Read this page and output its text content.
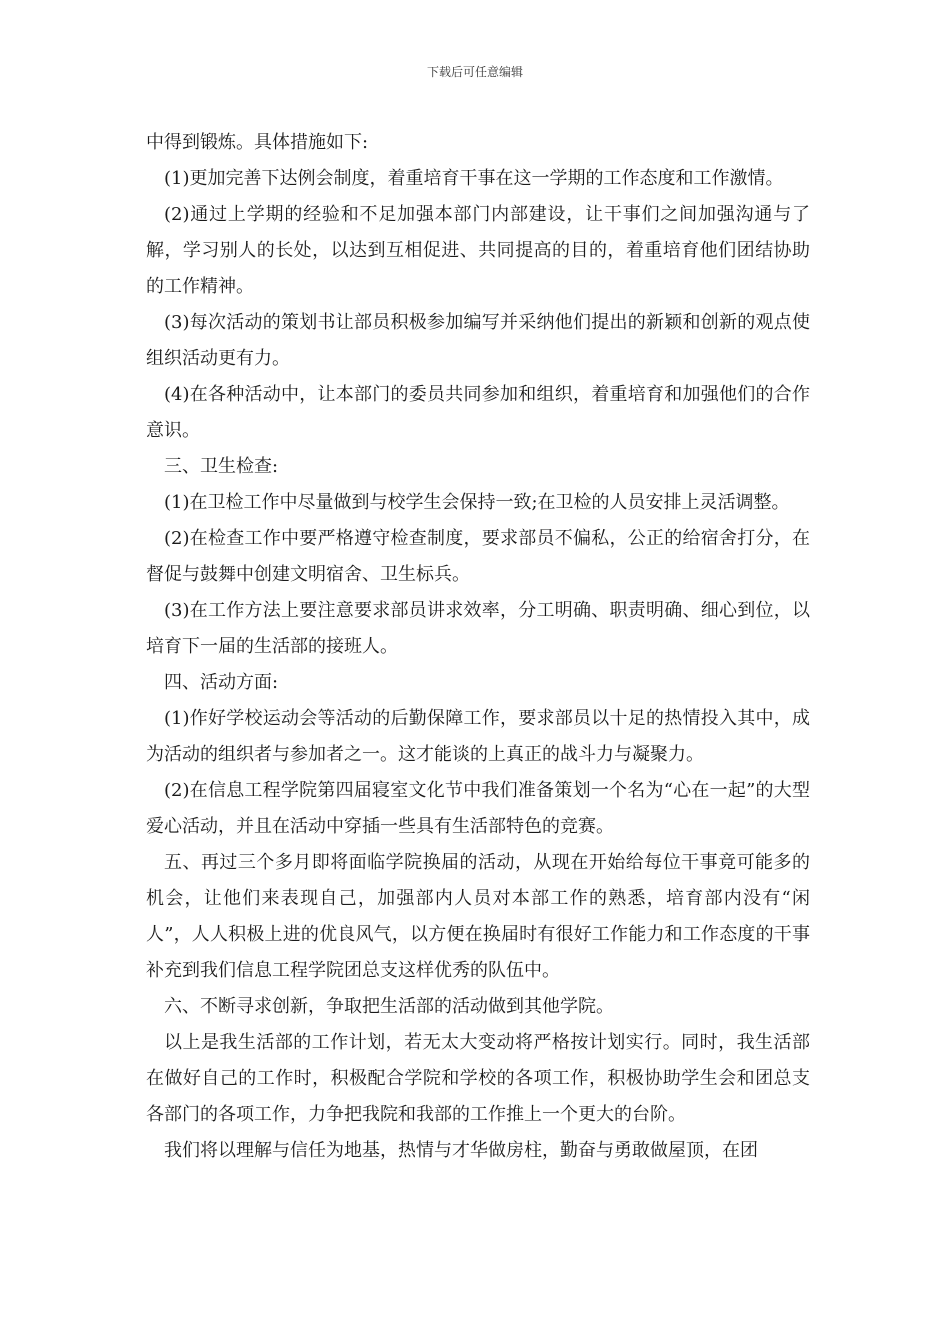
下载后可任意编辑

中得到锻炼。具体措施如下:

(1)更加完善下达例会制度，着重培育干事在这一学期的工作态度和工作激情。

(2)通过上学期的经验和不足加强本部门内部建设，让干事们之间加强沟通与了解，学习别人的长处，以达到互相促进、共同提高的目的，着重培育他们团结协助的工作精神。

(3)每次活动的策划书让部员积极参加编写并采纳他们提出的新颖和创新的观点使组织活动更有力。

(4)在各种活动中，让本部门的委员共同参加和组织，着重培育和加强他们的合作意识。

三、卫生检查:

(1)在卫检工作中尽量做到与校学生会保持一致;在卫检的人员安排上灵活调整。

(2)在检查工作中要严格遵守检查制度，要求部员不偏私，公正的给宿舍打分，在督促与鼓舞中创建文明宿舍、卫生标兵。

(3)在工作方法上要注意要求部员讲求效率，分工明确、职责明确、细心到位，以培育下一届的生活部的接班人。

四、活动方面:

(1)作好学校运动会等活动的后勤保障工作，要求部员以十足的热情投入其中，成为活动的组织者与参加者之一。这才能谈的上真正的战斗力与凝聚力。

(2)在信息工程学院第四届寝室文化节中我们准备策划一个名为“心在一起”的大型爱心活动，并且在活动中穿插一些具有生活部特色的竞赛。

五、再过三个多月即将面临学院换届的活动，从现在开始给每位干事竟可能多的机会，让他们来表现自己，加强部内人员对本部工作的熟悉，培育部内没有“闲人”，人人积极上进的优良风气，以方便在换届时有很好工作能力和工作态度的干事补充到我们信息工程学院团总支这样优秀的队伍中。

六、不断寻求创新，争取把生活部的活动做到其他学院。

以上是我生活部的工作计划，若无太大变动将严格按计划实行。同时，我生活部在做好自己的工作时，积极配合学院和学校的各项工作，积极协助学生会和团总支各部门的各项工作，力争把我院和我部的工作推上一个更大的台阶。

我们将以理解与信任为地基，热情与才华做房柱，勤奋与勇敢做屋顶，在团
